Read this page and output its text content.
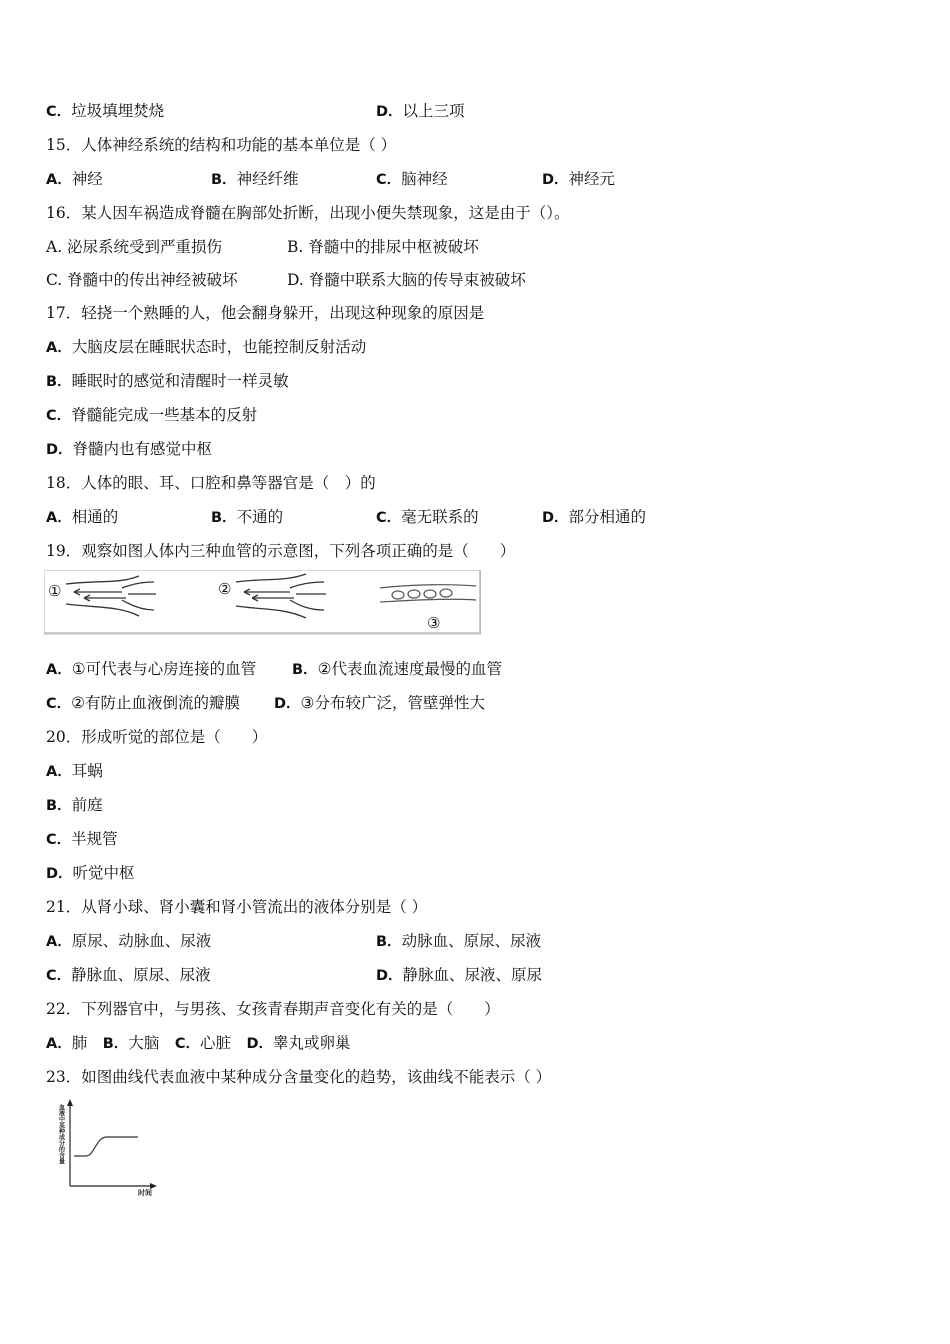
C．垃圾填埋焚烧	D．以上三项
15．人体神经系统的结构和功能的基本单位是（ ）
A．神经	B．神经纤维	C．脑神经	D．神经元
16．某人因车祸造成脊髓在胸部处折断，出现小便失禁现象，这是由于（）。
A. 泌尿系统受到严重损伤	B. 脊髓中的排尿中枢被破坏
C. 脊髓中的传出神经被破坏	D. 脊髓中联系大脑的传导束被破坏
17．轻挠一个熟睡的人，他会翻身躲开，出现这种现象的原因是
A．大脑皮层在睡眠状态时，也能控制反射活动
B．睡眠时的感觉和清醒时一样灵敏
C．脊髓能完成一些基本的反射
D．脊髓内也有感觉中枢
18．人体的眼、耳、口腔和鼻等器官是（　）的
A．相通的	B．不通的	C．毫无联系的	D．部分相通的
19．观察如图人体内三种血管的示意图，下列各项正确的是（　　）
①	②
③
A．①可代表与心房连接的血管 B．②代表血流速度最慢的血管
C．②有防止血液倒流的瓣膜 D．③分布较广泛，管壁弹性大
20．形成听觉的部位是（　　）
A．耳蜗
B．前庭
C．半规管
D．听觉中枢
21．从肾小球、肾小囊和肾小管流出的液体分别是（ ）
A．原尿、动脉血、尿液	B．动脉血、原尿、尿液
C．静脉血、原尿、尿液	D．静脉血、尿液、原尿
22．下列器官中，与男孩、女孩青春期声音变化有关的是（　　）
A．肺  B．大脑  C．心脏  D．睾丸或卵巢
23．如图曲线代表血液中某种成分含量变化的趋势，该曲线不能表示（ ）
血液中某种成分的含量
时间
